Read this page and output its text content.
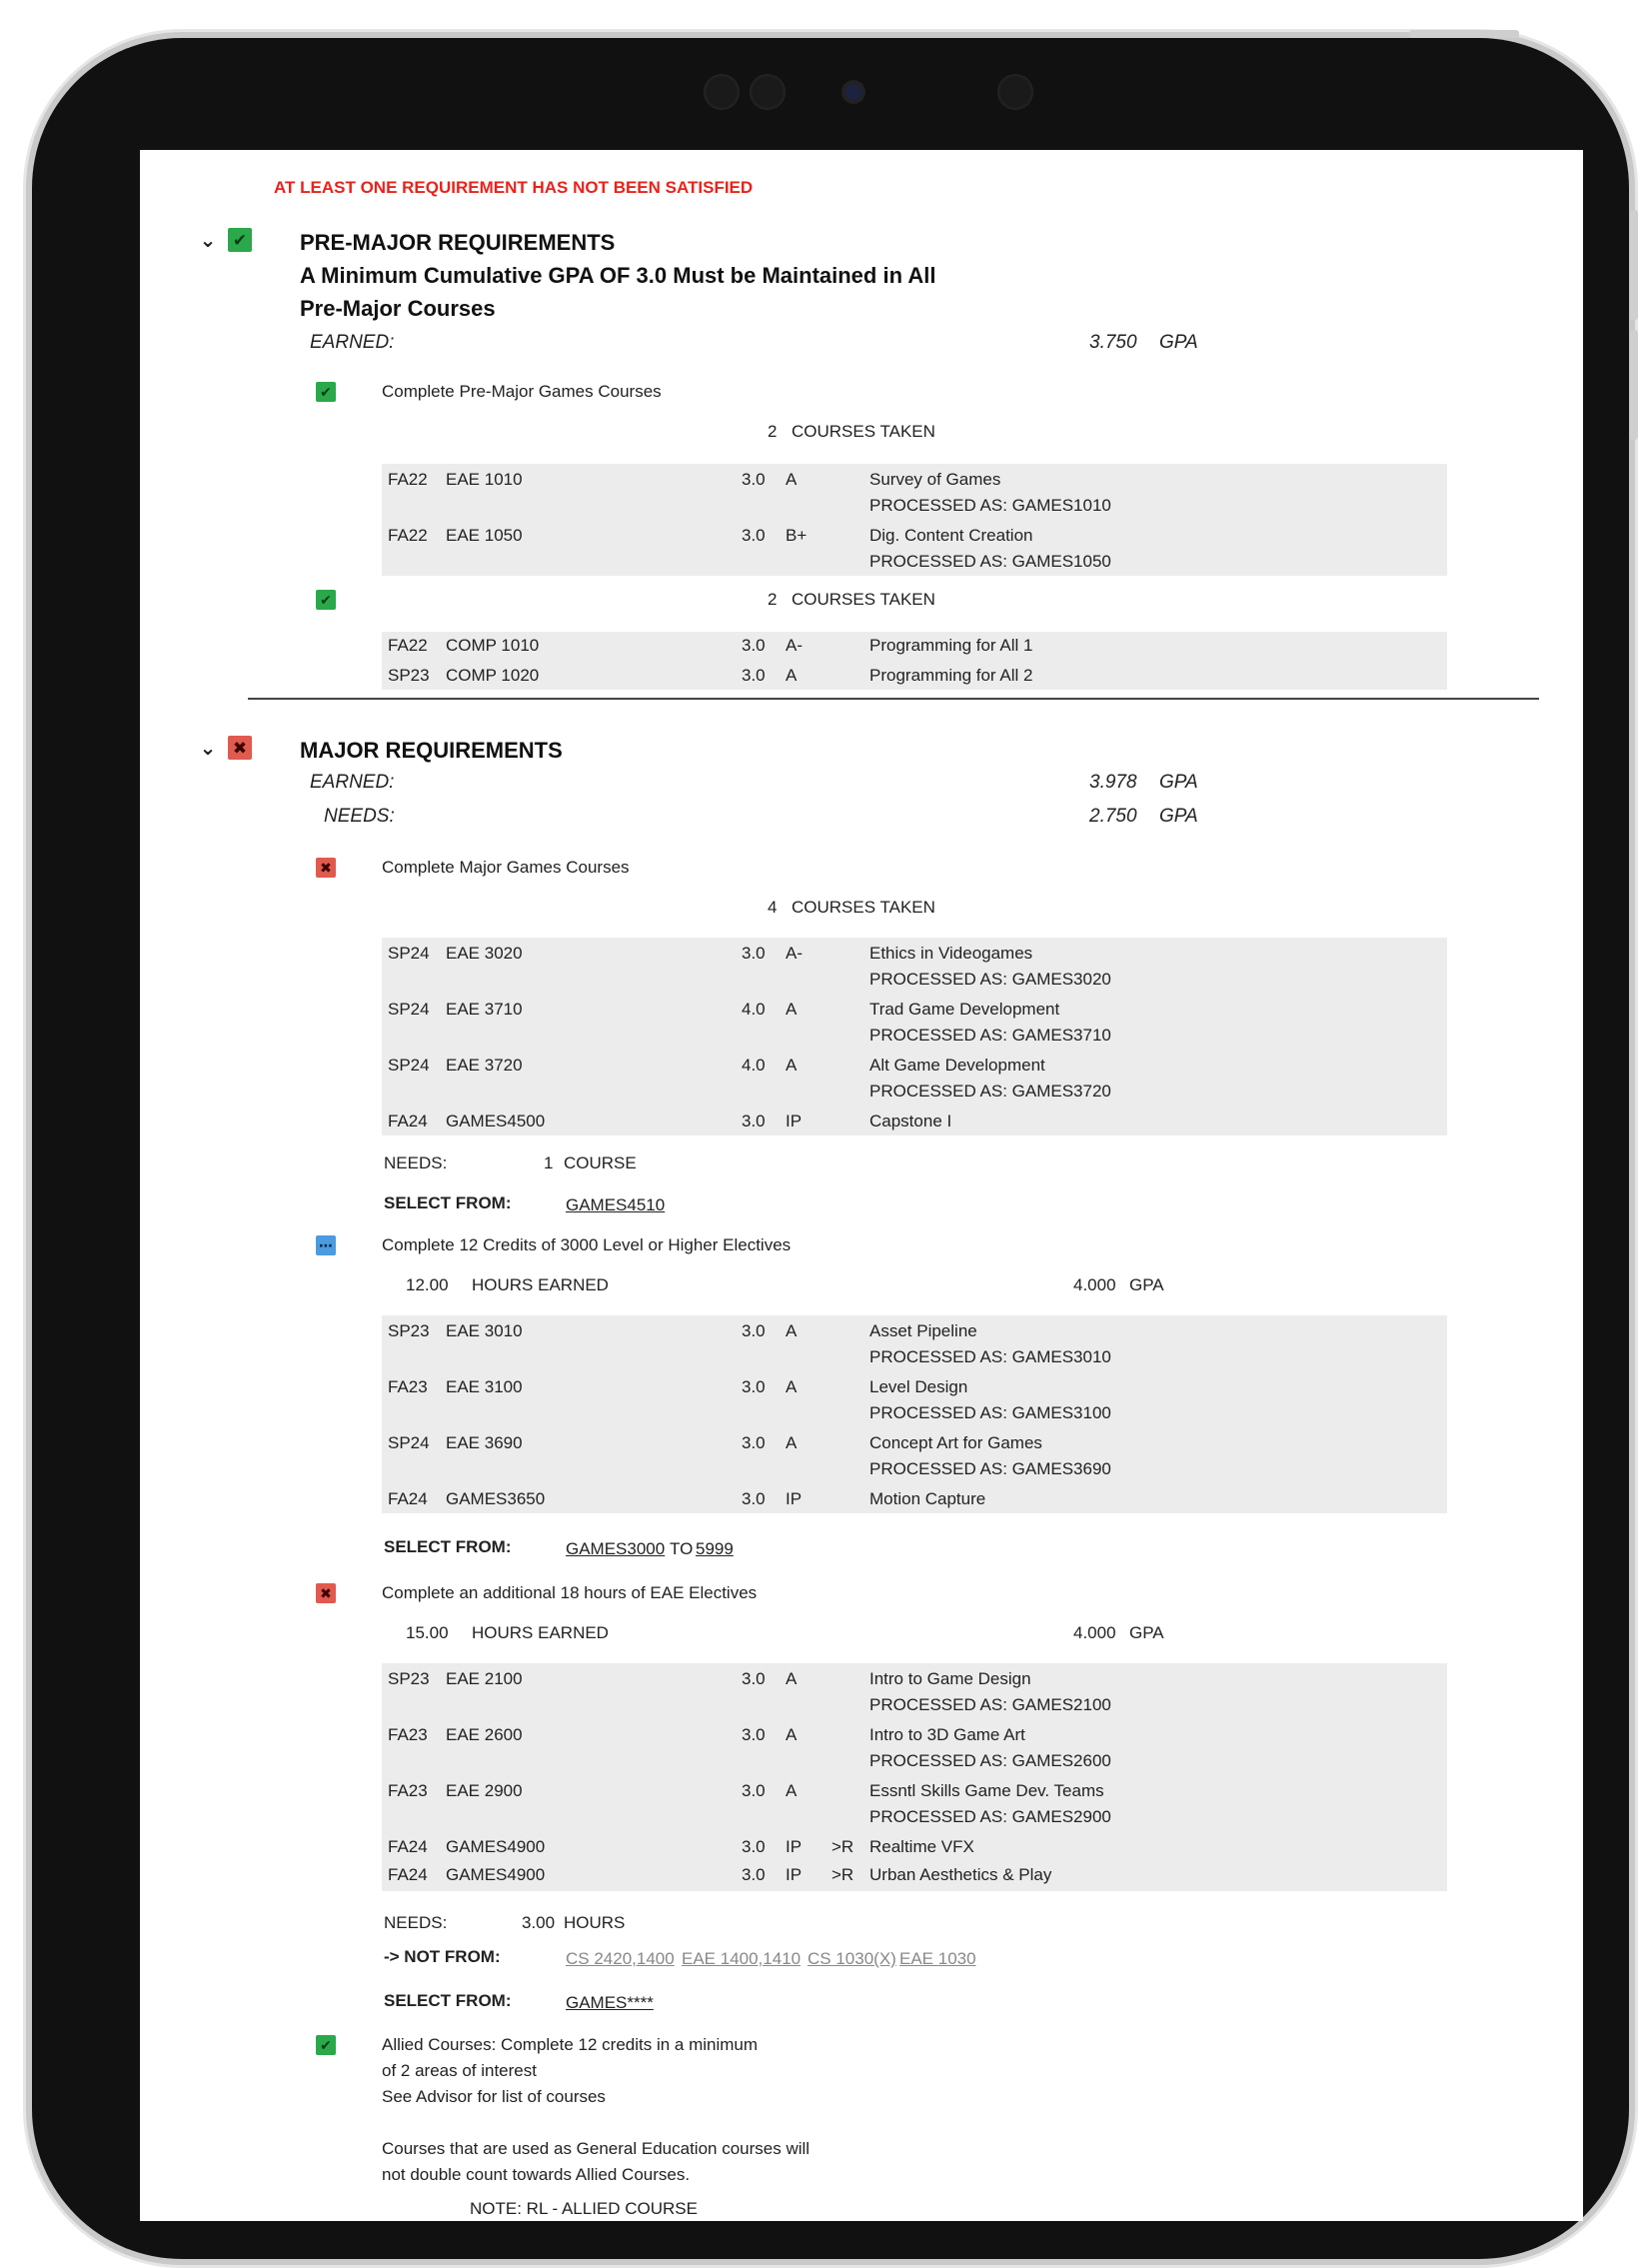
AT LEAST ONE REQUIREMENT HAS NOT BEEN SATISFIED
⌄ ✔ PRE-MAJOR REQUIREMENTS
A Minimum Cumulative GPA OF 3.0 Must be Maintained in All
Pre-Major Courses
EARNED:	3.750 GPA
✔	Complete Pre-Major Games Courses
2 COURSES TAKEN
FA22 EAE 1010	3.0 A	Survey of Games
PROCESSED AS: GAMES1010
FA22 EAE 1050	3.0 B+	Dig. Content Creation
PROCESSED AS: GAMES1050
✔	2 COURSES TAKEN
FA22 COMP 1010	3.0 A-	Programming for All 1
SP23 COMP 1020	3.0 A	Programming for All 2
⌄ ✖ MAJOR REQUIREMENTS
EARNED:	3.978 GPA
NEEDS:	2.750 GPA
✖	Complete Major Games Courses
4 COURSES TAKEN
SP24 EAE 3020	3.0 A-	Ethics in Videogames
PROCESSED AS: GAMES3020
SP24 EAE 3710	4.0 A	Trad Game Development
PROCESSED AS: GAMES3710
SP24 EAE 3720	4.0 A	Alt Game Development
PROCESSED AS: GAMES3720
FA24 GAMES4500	3.0 IP	Capstone I
NEEDS:	1 COURSE
SELECT FROM:	GAMES4510
⋯	Complete 12 Credits of 3000 Level or Higher Electives
12.00 HOURS EARNED	4.000 GPA
SP23 EAE 3010	3.0 A	Asset Pipeline
PROCESSED AS: GAMES3010
FA23 EAE 3100	3.0 A	Level Design
PROCESSED AS: GAMES3100
SP24 EAE 3690	3.0 A	Concept Art for Games
PROCESSED AS: GAMES3690
FA24 GAMES3650	3.0 IP	Motion Capture
SELECT FROM:	GAMES3000 TO 5999
✖	Complete an additional 18 hours of EAE Electives
15.00 HOURS EARNED	4.000 GPA
SP23 EAE 2100	3.0 A	Intro to Game Design
PROCESSED AS: GAMES2100
FA23 EAE 2600	3.0 A	Intro to 3D Game Art
PROCESSED AS: GAMES2600
FA23 EAE 2900	3.0 A	Essntl Skills Game Dev. Teams
PROCESSED AS: GAMES2900
FA24 GAMES4900	3.0 IP >R Realtime VFX
FA24 GAMES4900	3.0 IP >R Urban Aesthetics & Play
NEEDS:	3.00 HOURS
-> NOT FROM:	CS 2420,1400 EAE 1400,1410 CS 1030(X) EAE 1030
SELECT FROM:	GAMES****
✔	Allied Courses: Complete 12 credits in a minimum
of 2 areas of interest
See Advisor for list of courses
Courses that are used as General Education courses will
not double count towards Allied Courses.
NOTE: RL - ALLIED COURSE
